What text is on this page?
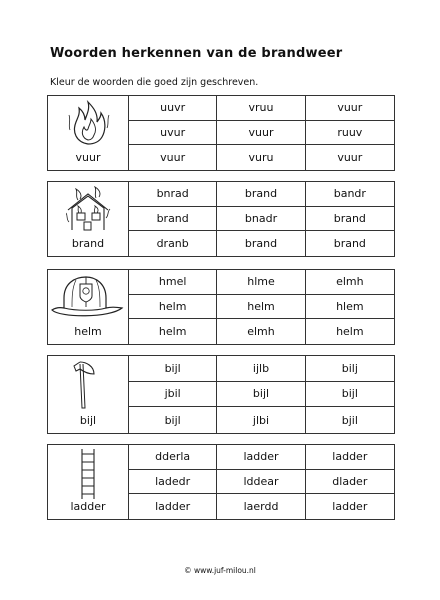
Woorden herkennen van de brandweer
Kleur de woorden die goed zijn geschreven.
vuur
uuvr	vruu	vuur
uvur	vuur	ruuv
vuur	vuru	vuur
brand
bnrad	brand	bandr
brand	bnadr	brand
dranb	brand	brand
helm
hmel	hlme	elmh
helm	helm	hlem
helm	elmh	helm
bijl
bijl	ijlb	bilj
jbil	bijl	bijl
bijl	jlbi	bjil
ladder
dderla	ladder	ladder
ladedr	lddear	dlader
ladder	laerdd	ladder
© www.juf-milou.nl
